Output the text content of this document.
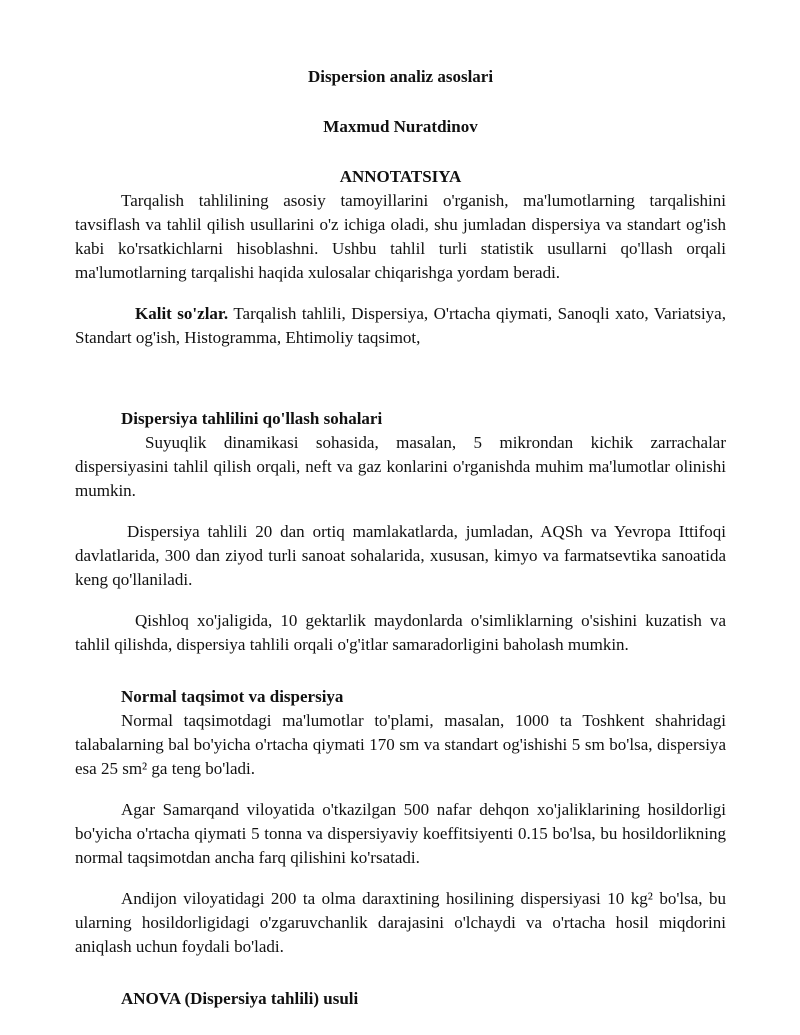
Dispersion analiz asoslari
Maxmud Nuratdinov
ANNOTATSIYA

Tarqalish tahlilining asosiy tamoyillarini o'rganish, ma'lumotlarning tarqalishini tavsiflash va tahlil qilish usullarini o'z ichiga oladi, shu jumladan dispersiya va standart og'ish kabi ko'rsatkichlarni hisoblashni. Ushbu tahlil turli statistik usullarni qo'llash orqali ma'lumotlarning tarqalishi haqida xulosalar chiqarishga yordam beradi.

Kalit so'zlar. Tarqalish tahlili, Dispersiya, O'rtacha qiymati, Sanoqli xato, Variatsiya, Standart og'ish, Histogramma, Ehtimoliy taqsimot,

Dispersiya tahlilini qo'llash sohalari

Suyuqlik dinamikasi sohasida, masalan, 5 mikrondan kichik zarrachalar dispersiyasini tahlil qilish orqali, neft va gaz konlarini o'rganishda muhim ma'lumotlar olinishi mumkin.

Dispersiya tahlili 20 dan ortiq mamlakatlarda, jumladan, AQSh va Yevropa Ittifoqi davlatlarida, 300 dan ziyod turli sanoat sohalarida, xususan, kimyo va farmatsevtika sanoatida keng qo'llaniladi.

Qishloq xo'jaligida, 10 gektarlik maydonlarda o'simliklarning o'sishini kuzatish va tahlil qilishda, dispersiya tahlili orqali o'g'itlar samaradorligini baholash mumkin.

Normal taqsimot va dispersiya

Normal taqsimotdagi ma'lumotlar to'plami, masalan, 1000 ta Toshkent shahridagi talabalarning bal bo'yicha o'rtacha qiymati 170 sm va standart og'ishishi 5 sm bo'lsa, dispersiya esa 25 sm² ga teng bo'ladi.

Agar Samarqand viloyatida o'tkazilgan 500 nafar dehqon xo'jaliklarining hosildorligi bo'yicha o'rtacha qiymati 5 tonna va dispersiyaviy koeffitsiyenti 0.15 bo'lsa, bu hosildorlikning normal taqsimotdan ancha farq qilishini ko'rsatadi.

Andijon viloyatidagi 200 ta olma daraxtining hosilining dispersiyasi 10 kg² bo'lsa, bu ularning hosildorligidagi o'zgaruvchanlik darajasini o'lchaydi va o'rtacha hosil miqdorini aniqlash uchun foydali bo'ladi.

ANOVA (Dispersiya tahlili) usuli
